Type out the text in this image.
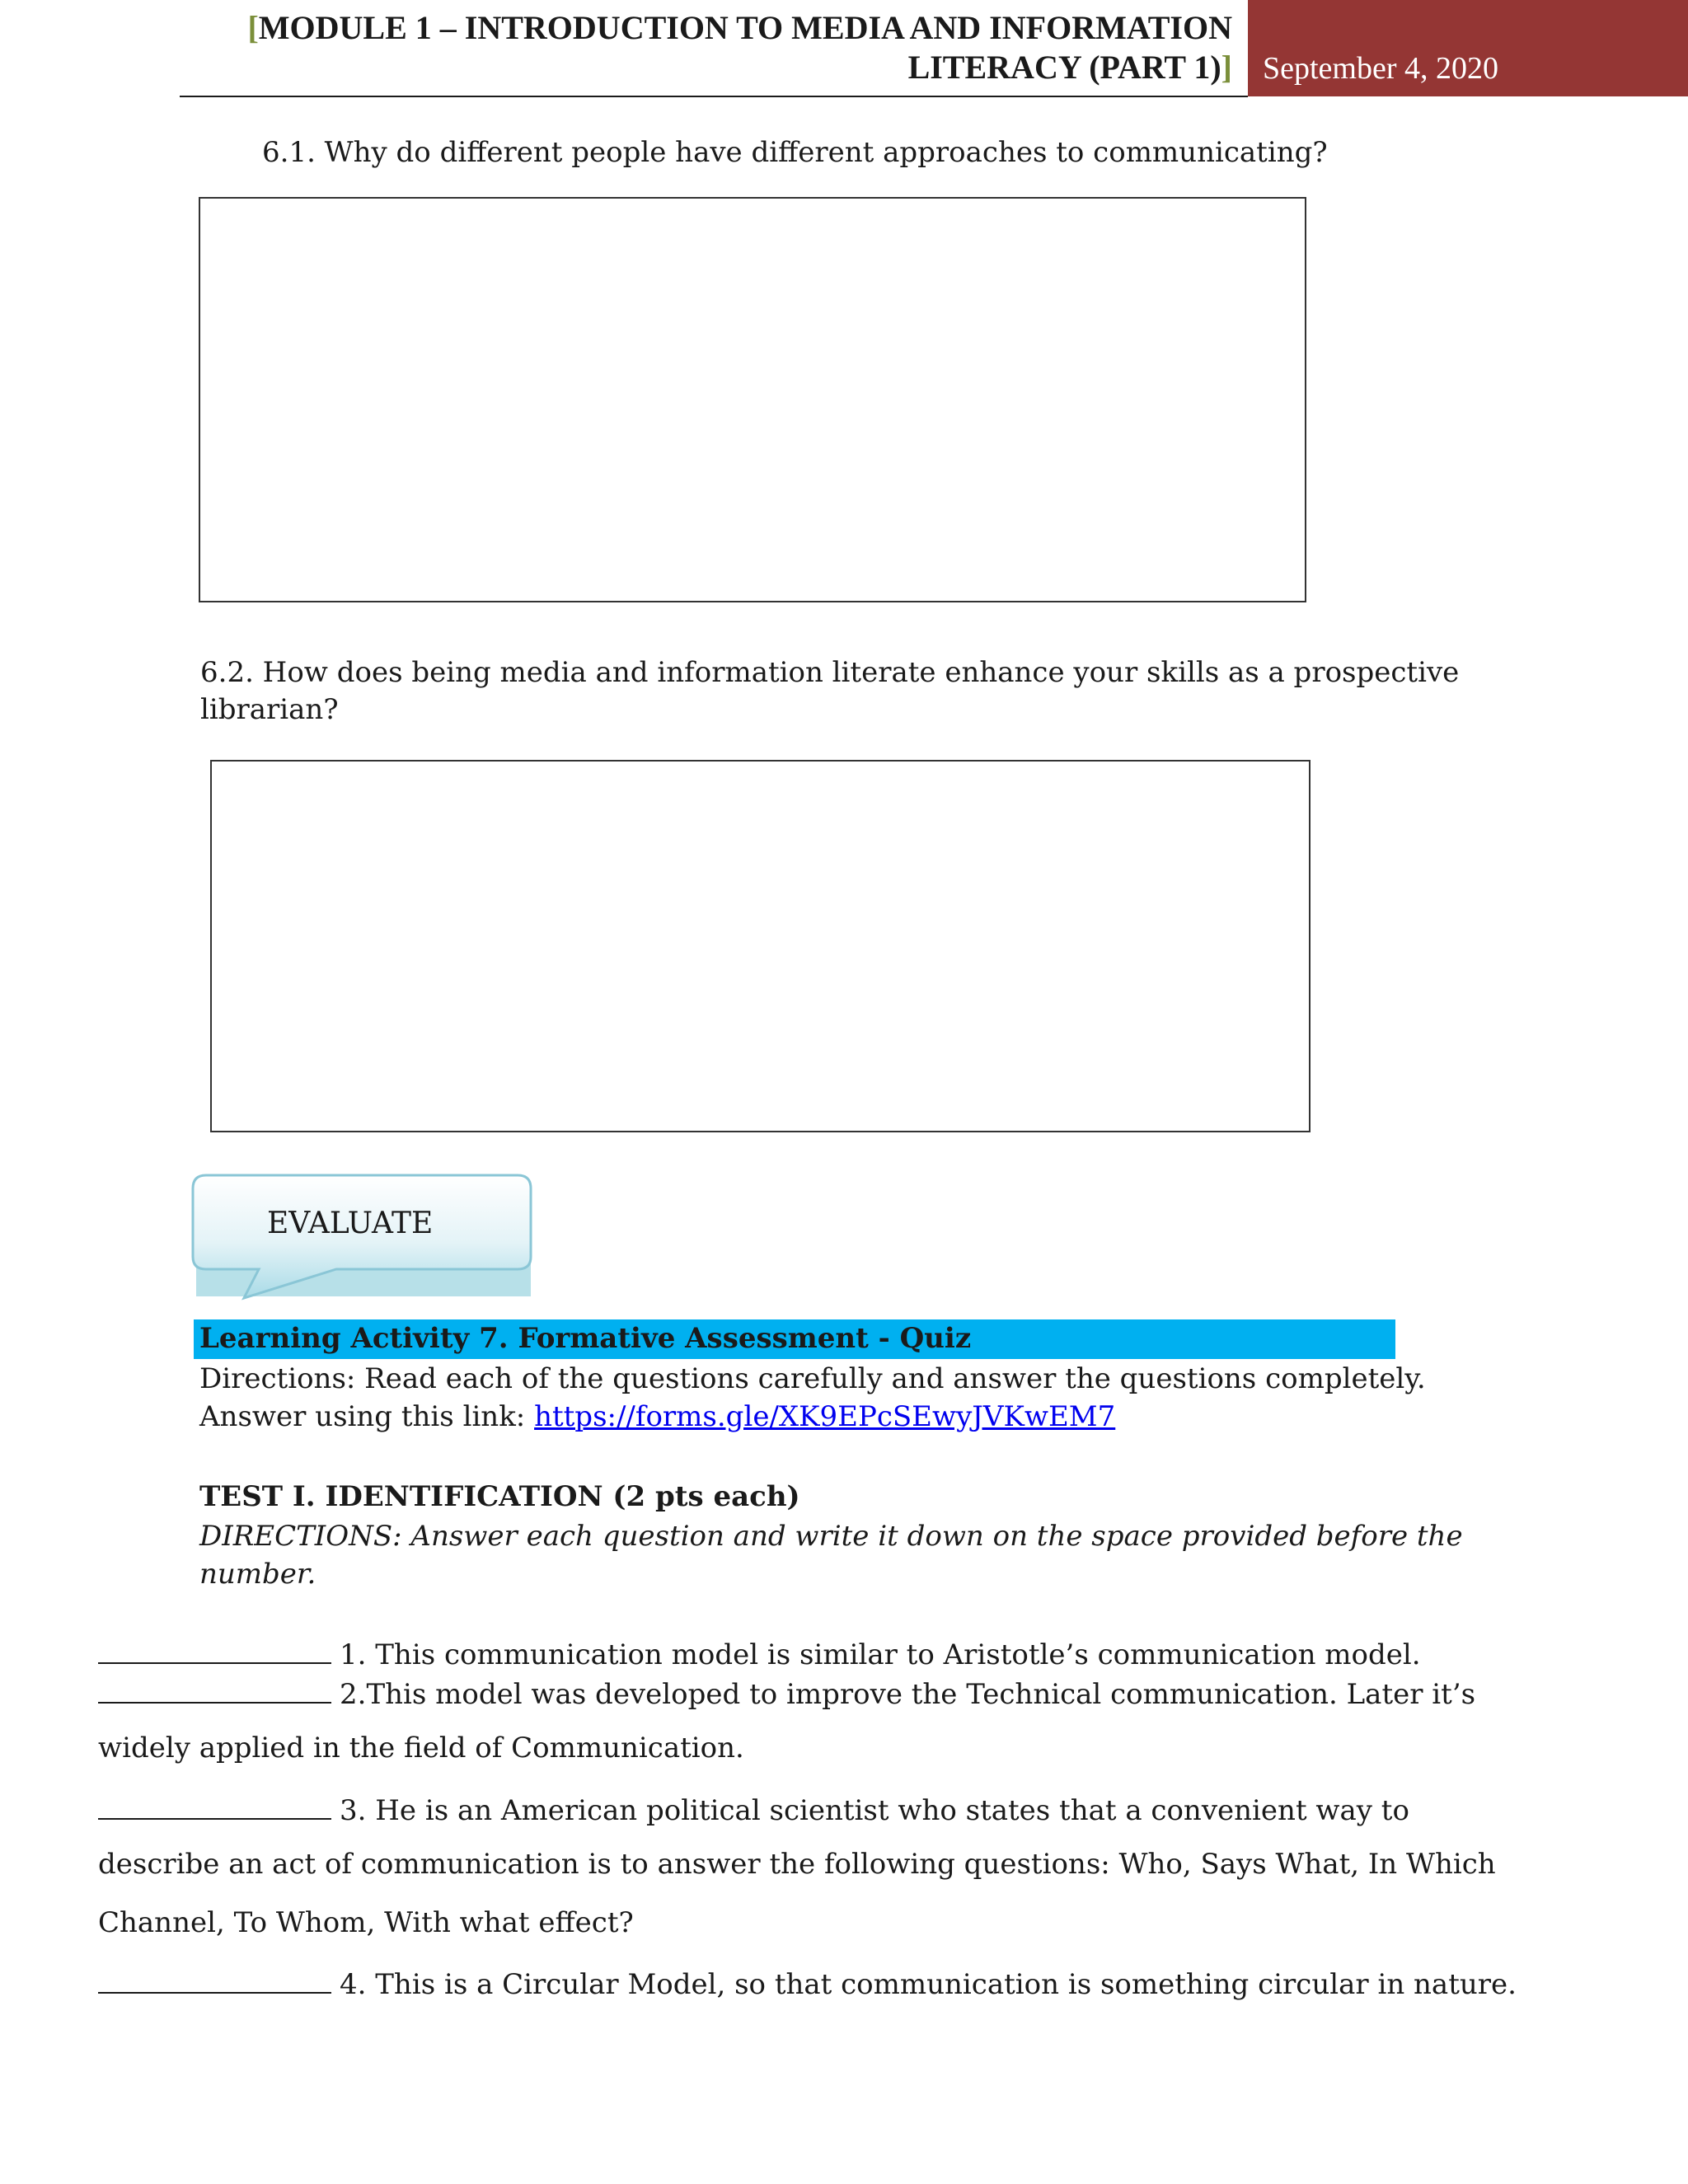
[MODULE 1 – INTRODUCTION TO MEDIA AND INFORMATION
LITERACY (PART 1)] September 4, 2020
6.1. Why do different people have different approaches to communicating?
6.2. How does being media and information literate enhance your skills as a prospective
librarian?
EVALUATE
Learning Activity 7. Formative Assessment - Quiz
Directions: Read each of the questions carefully and answer the questions completely.
Answer using this link: https://forms.gle/XK9EPcSEwyJVKwEM7
TEST I. IDENTIFICATION (2 pts each)
DIRECTIONS: Answer each question and write it down on the space provided before the
number.
1. This communication model is similar to Aristotle’s communication model.
2.This model was developed to improve the Technical communication. Later it’s
widely applied in the field of Communication.
3. He is an American political scientist who states that a convenient way to
describe an act of communication is to answer the following questions: Who, Says What, In Which
Channel, To Whom, With what effect?
4. This is a Circular Model, so that communication is something circular in nature.
